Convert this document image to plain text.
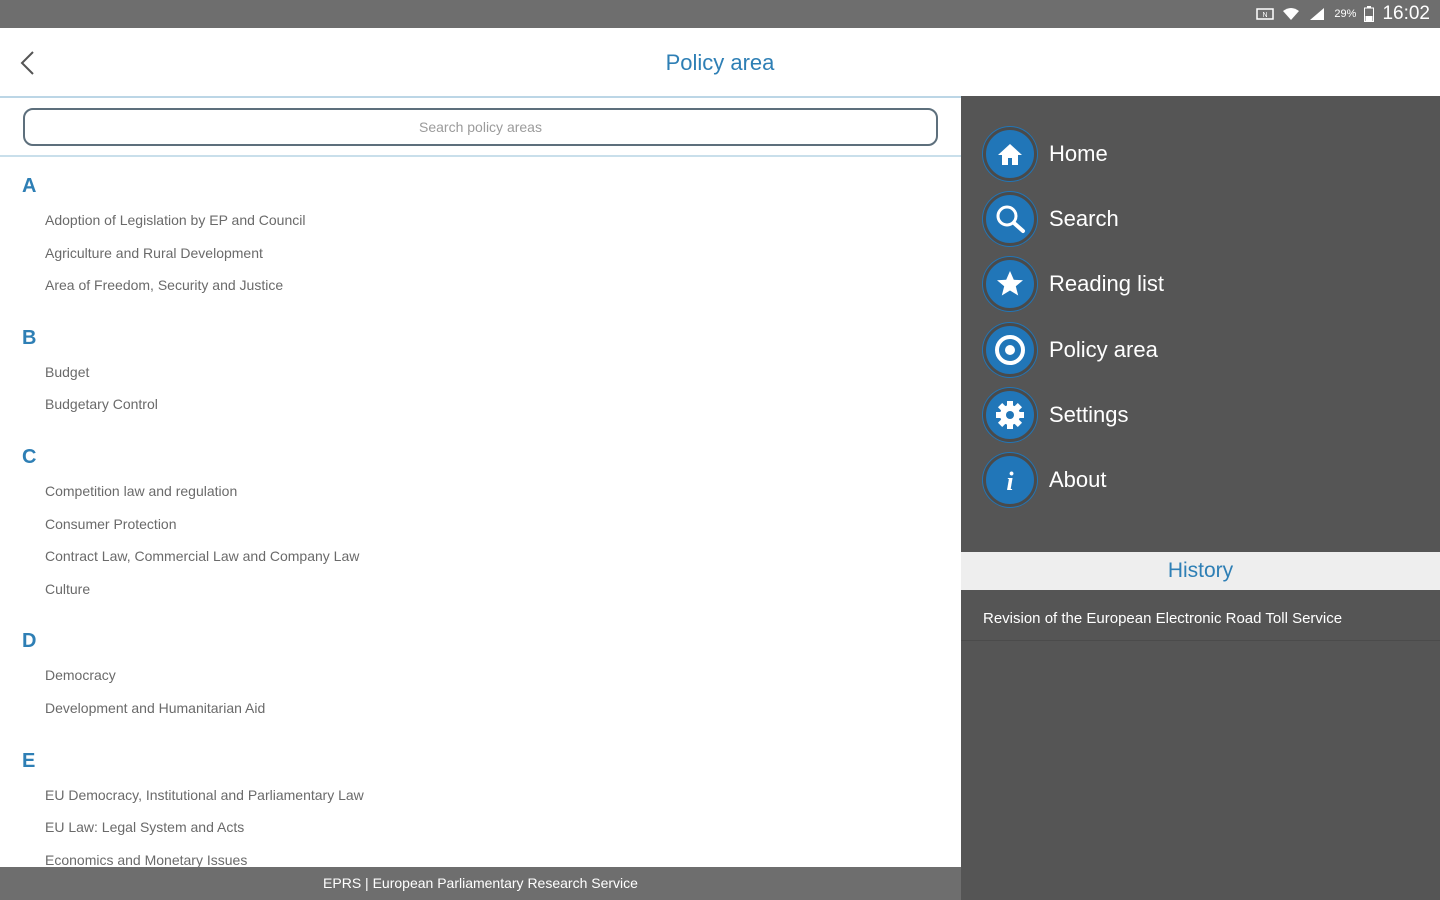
N	29% 16:02
Policy area
Search policy areas
A
Adoption of Legislation by EP and Council
Agriculture and Rural Development
Area of Freedom, Security and Justice
B
Budget
Budgetary Control
C
Competition law and regulation
Consumer Protection
Contract Law, Commercial Law and Company Law
Culture
D
Democracy
Development and Humanitarian Aid
E
EU Democracy, Institutional and Parliamentary Law
EU Law: Legal System and Acts
Economics and Monetary Issues
EPRS | European Parliamentary Research Service
Home
Search
Reading list
Policy area
Settings
i About
History
Revision of the European Electronic Road Toll Service
